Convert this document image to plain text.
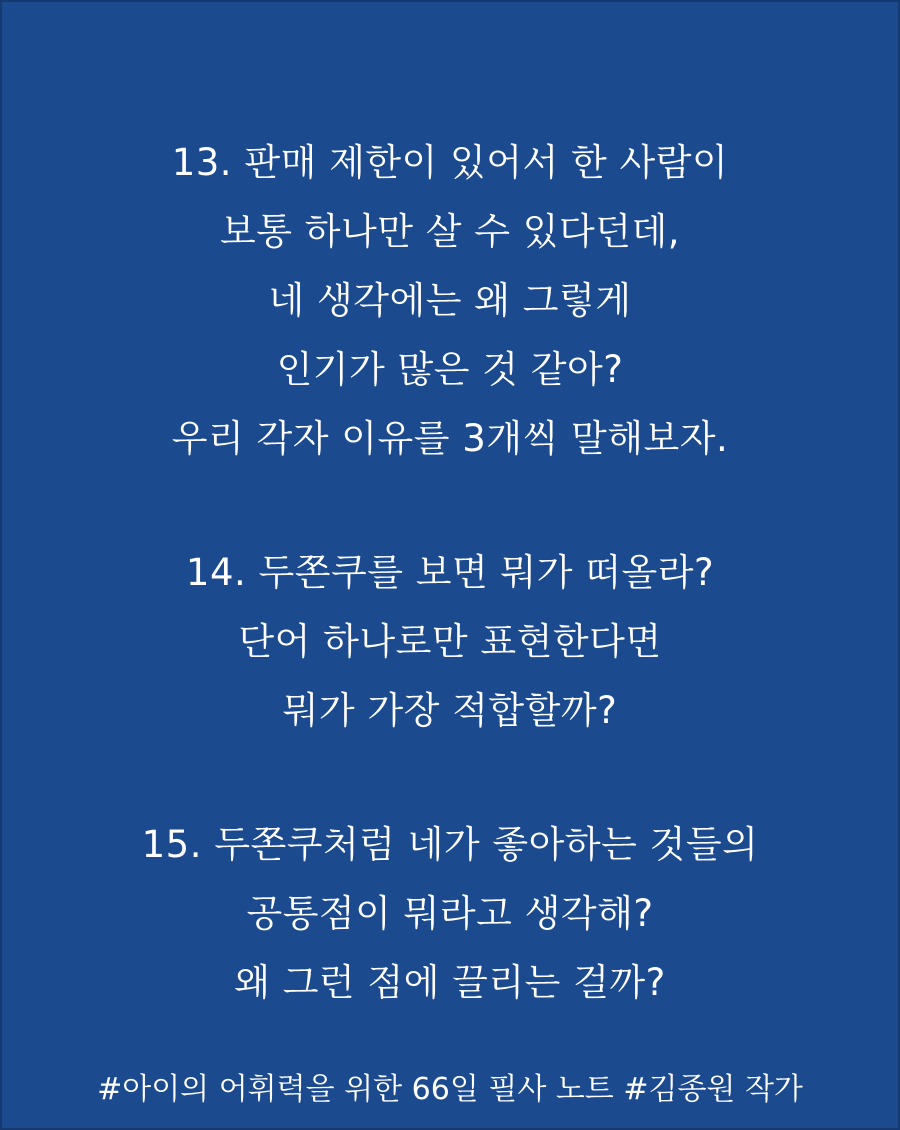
13. 판매 제한이 있어서 한 사람이
보통 하나만 살 수 있다던데,
네 생각에는 왜 그렇게
인기가 많은 것 같아?
우리 각자 이유를 3개씩 말해보자.

14. 두쫀쿠를 보면 뭐가 떠올라?
단어 하나로만 표현한다면
뭐가 가장 적합할까?

15. 두쫀쿠처럼 네가 좋아하는 것들의
공통점이 뭐라고 생각해?
왜 그런 점에 끌리는 걸까?

#아이의 어휘력을 위한 66일 필사 노트 #김종원 작가
